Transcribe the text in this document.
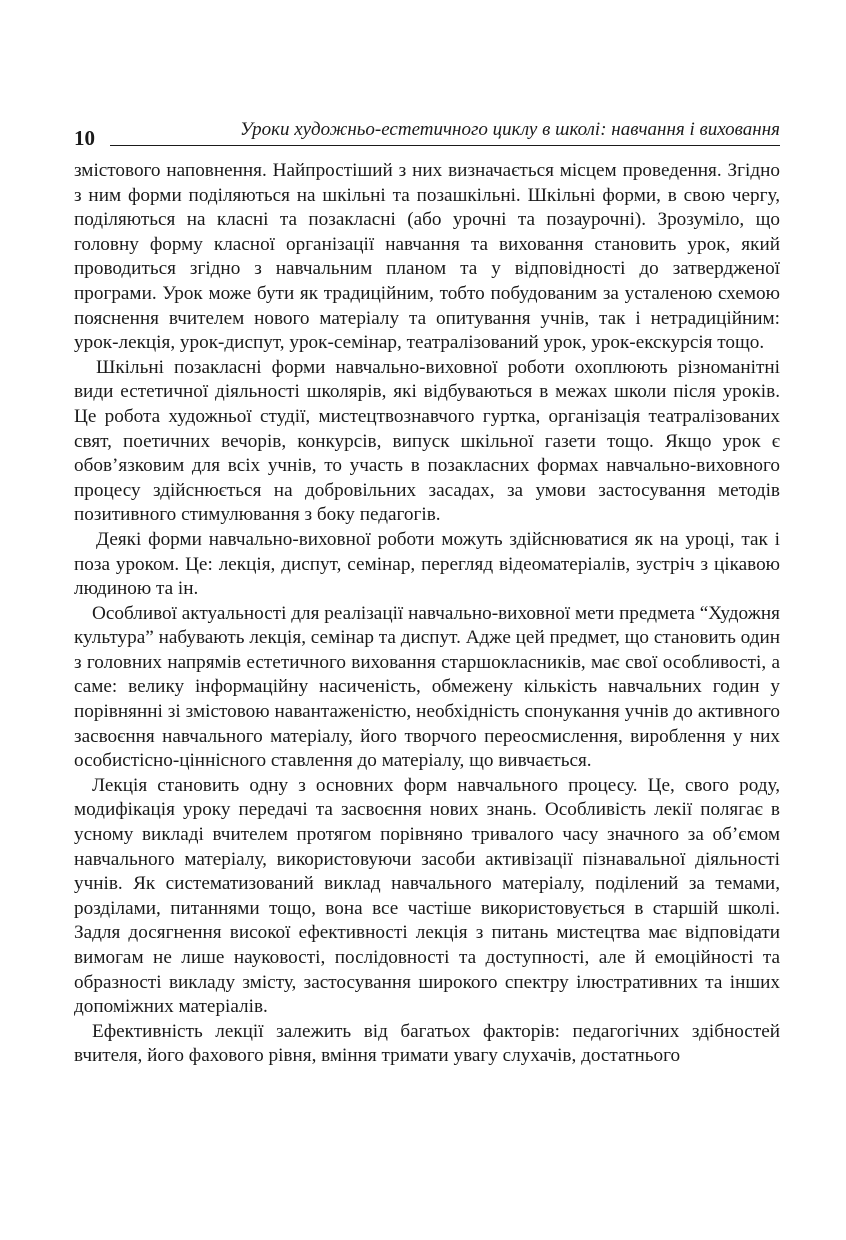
10	Уроки художньо-естетичного циклу в школі: навчання і виховання

змістового наповнення. Найпростіший з них визначається місцем проведення. Згідно з ним форми поділяються на шкільні та позашкільні. Шкільні форми, в свою чергу, поділяються на класні та позакласні (або урочні та позаурочні). Зрозуміло, що головну форму класної організації навчання та виховання становить урок, який проводиться згідно з навчальним планом та у відповідності до затвердженої програми. Урок може бути як традиційним, тобто побудованим за усталеною схемою пояснення вчителем нового матеріалу та опитування учнів, так і нетрадиційним: урок-лекція, урок-диспут, урок-семінар, театралізований урок, урок-екскурсія тощо.

Шкільні позакласні форми навчально-виховної роботи охоплюють різноманітні види естетичної діяльності школярів, які відбуваються в межах школи після уроків. Це робота художньої студії, мистецтвознавчого гуртка, організація театралізованих свят, поетичних вечорів, конкурсів, випуск шкільної газети тощо. Якщо урок є обов’язковим для всіх учнів, то участь в позакласних формах навчально-виховного процесу здійснюється на добровільних засадах, за умови застосування методів позитивного стимулювання з боку педагогів.

Деякі форми навчально-виховної роботи можуть здійснюватися як на уроці, так і поза уроком. Це: лекція, диспут, семінар, перегляд відеоматеріалів, зустріч з цікавою людиною та ін.

Особливої актуальності для реалізації навчально-виховної мети предмета “Художня культура” набувають лекція, семінар та диспут. Адже цей предмет, що становить один з головних напрямів естетичного виховання старшокласників, має свої особливості, а саме: велику інформаційну насиченість, обмежену кількість навчальних годин у порівнянні зі змістовою навантаженістю, необхідність спонукання учнів до активного засвоєння навчального матеріалу, його творчого переосмислення, вироблення у них особистісно-ціннісного ставлення до матеріалу, що вивчається.

Лекція становить одну з основних форм навчального процесу. Це, свого роду, модифікація уроку передачі та засвоєння нових знань. Особливість лекії полягає в усному викладі вчителем протягом порівняно тривалого часу значного за об’ємом навчального матеріалу, використовуючи засоби активізації пізнавальної діяльності учнів. Як систематизований виклад навчального матеріалу, поділений за темами, розділами, питаннями тощо, вона все частіше використовується в старшій школі. Задля досягнення високої ефективності лекція з питань мистецтва має відповідати вимогам не лише науковості, послідовності та доступності, але й емоційності та образності викладу змісту, застосування широкого спектру ілюстративних та інших допоміжних матеріалів.

Ефективність лекції залежить від багатьох факторів: педагогічних здібностей вчителя, його фахового рівня, вміння тримати увагу слухачів, достатнього
